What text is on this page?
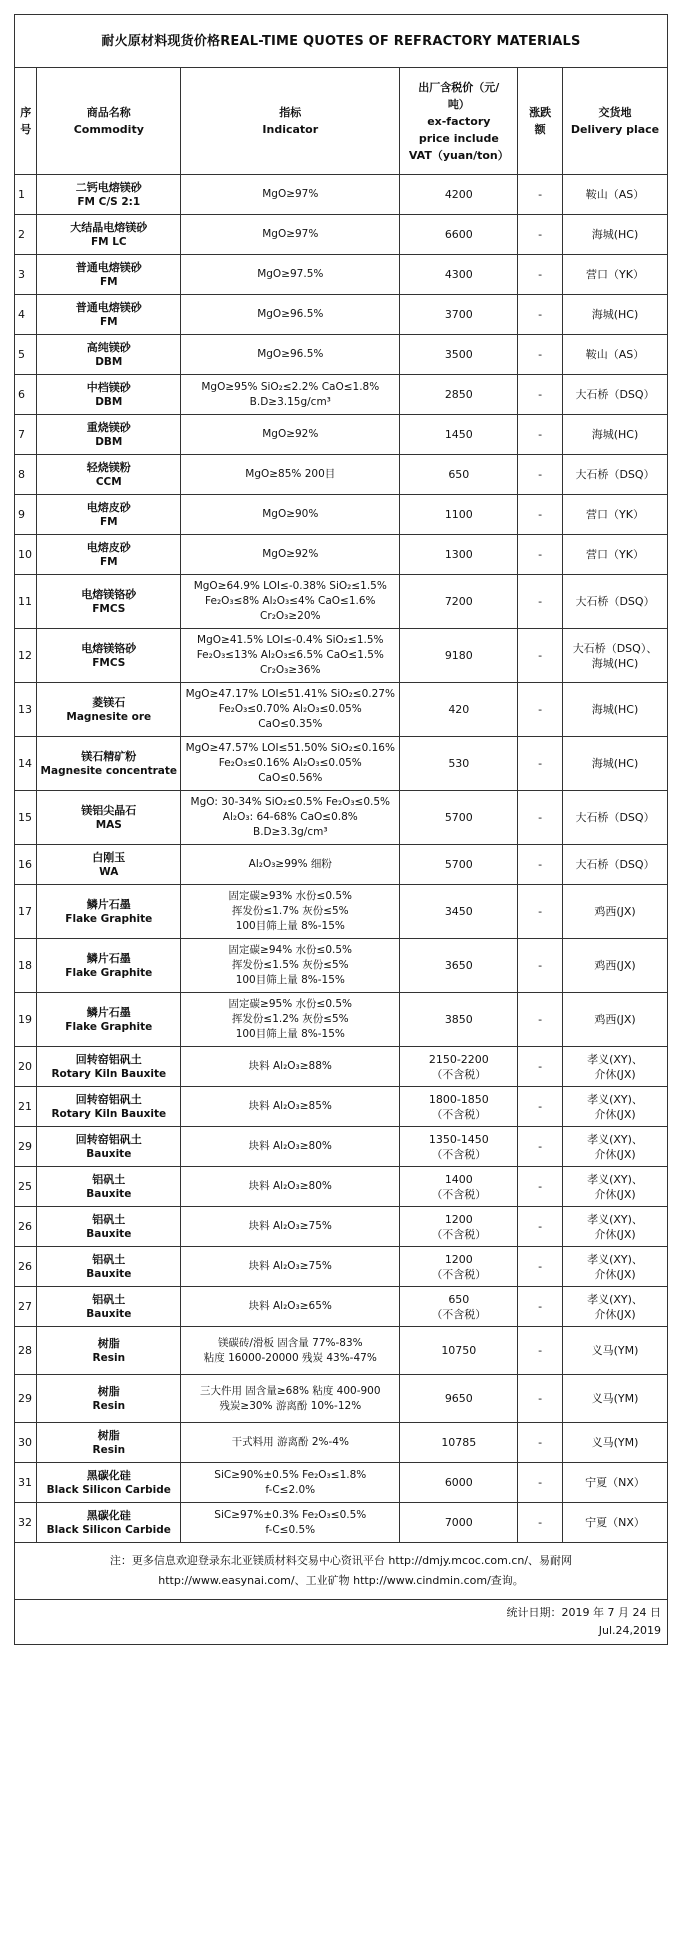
耐火原材料现货价格REAL-TIME QUOTES OF REFRACTORY MATERIALS					

序
号	商品名称
Commodity	指标
Indicator	出厂含税价（元/
吨）
ex-factory
price include
VAT（yuan/ton）	涨跌
额	交货地
Delivery place

1	二钙电熔镁砂
FM C/S 2:1	MgO≥97%	4200	-	鞍山（AS）

2	大结晶电熔镁砂
FM LC	MgO≥97%	6600	-	海城(HC)

3	普通电熔镁砂
FM	MgO≥97.5%	4300	-	营口（YK）

4	普通电熔镁砂
FM	MgO≥96.5%	3700	-	海城(HC)

5	高纯镁砂
DBM	MgO≥96.5%	3500	-	鞍山（AS）

6	中档镁砂
DBM	MgO≥95% SiO₂≤2.2% CaO≤1.8%
B.D≥3.15g/cm³	2850	-	大石桥（DSQ）

7	重烧镁砂
DBM	MgO≥92%	1450	-	海城(HC)

8	轻烧镁粉
CCM	MgO≥85% 200目	650	-	大石桥（DSQ）

9	电熔皮砂
FM	MgO≥90%	1100	-	营口（YK）

10	电熔皮砂
FM	MgO≥92%	1300	-	营口（YK）

11	电熔镁铬砂
FMCS	MgO≥64.9% LOI≤-0.38% SiO₂≤1.5%
Fe₂O₃≤8% Al₂O₃≤4% CaO≤1.6%
Cr₂O₃≥20%	7200	-	大石桥（DSQ）

12	电熔镁铬砂
FMCS	MgO≥41.5% LOI≤-0.4% SiO₂≤1.5%
Fe₂O₃≤13% Al₂O₃≤6.5% CaO≤1.5%
Cr₂O₃≥36%	9180	-	大石桥（DSQ）、
海城(HC)

13	菱镁石
Magnesite ore	MgO≥47.17% LOI≤51.41% SiO₂≤0.27%
Fe₂O₃≤0.70% Al₂O₃≤0.05%
CaO≤0.35%	420	-	海城(HC)

14	镁石精矿粉
Magnesite concentrate	MgO≥47.57% LOI≤51.50% SiO₂≤0.16%
Fe₂O₃≤0.16% Al₂O₃≤0.05%
CaO≤0.56%	530	-	海城(HC)

15	镁铝尖晶石
MAS	MgO: 30-34% SiO₂≤0.5% Fe₂O₃≤0.5%
Al₂O₃: 64-68% CaO≤0.8%
B.D≥3.3g/cm³	5700	-	大石桥（DSQ）

16	白刚玉
WA	Al₂O₃≥99% 细粉	5700	-	大石桥（DSQ）

17	鳞片石墨
Flake Graphite	固定碳≥93% 水份≤0.5%
挥发份≤1.7% 灰份≤5%
100目筛上量 8%-15%	3450	-	鸡西(JX)

18	鳞片石墨
Flake Graphite	固定碳≥94% 水份≤0.5%
挥发份≤1.5% 灰份≤5%
100目筛上量 8%-15%	3650	-	鸡西(JX)

19	鳞片石墨
Flake Graphite	固定碳≥95% 水份≤0.5%
挥发份≤1.2% 灰份≤5%
100目筛上量 8%-15%	3850	-	鸡西(JX)

20	回转窑铝矾土
Rotary Kiln Bauxite	块料 Al₂O₃≥88%	2150-2200
（不含税）	-	孝义(XY)、
介休(JX)

21	回转窑铝矾土
Rotary Kiln Bauxite	块料 Al₂O₃≥85%	1800-1850
（不含税）	-	孝义(XY)、
介休(JX)

29	回转窑铝矾土
Bauxite	块料 Al₂O₃≥80%	1350-1450
（不含税）	-	孝义(XY)、
介休(JX)

25	铝矾土
Bauxite	块料 Al₂O₃≥80%	1400
（不含税）	-	孝义(XY)、
介休(JX)

26	铝矾土
Bauxite	块料 Al₂O₃≥75%	1200
（不含税）	-	孝义(XY)、
介休(JX)

26	铝矾土
Bauxite	块料 Al₂O₃≥75%	1200
（不含税）	-	孝义(XY)、
介休(JX)

27	铝矾土
Bauxite	块料 Al₂O₃≥65%	650
（不含税）	-	孝义(XY)、
介休(JX)

28	树脂
Resin	镁碳砖/滑板 固含量 77%-83%
粘度 16000-20000 残炭 43%-47%	10750	-	义马(YM)

29	树脂
Resin	三大件用 固含量≥68% 粘度 400-900
残炭≥30% 游离酚 10%-12%	9650	-	义马(YM)

30	树脂
Resin	干式料用 游离酚 2%-4%	10785	-	义马(YM)

31	黑碳化硅
Black Silicon Carbide	SiC≥90%±0.5% Fe₂O₃≤1.8%
f-C≤2.0%	6000	-	宁夏（NX）

32	黑碳化硅
Black Silicon Carbide	SiC≥97%±0.3% Fe₂O₃≤0.5%
f-C≤0.5%	7000	-	宁夏（NX）

注：更多信息欢迎登录东北亚镁质材料交易中心资讯平台 http://dmjy.mcoc.com.cn/、易耐网
http://www.easynai.com/、工业矿物 http://www.cindmin.com/查询。					

统计日期：2019 年 7 月 24 日
Jul.24,2019					
